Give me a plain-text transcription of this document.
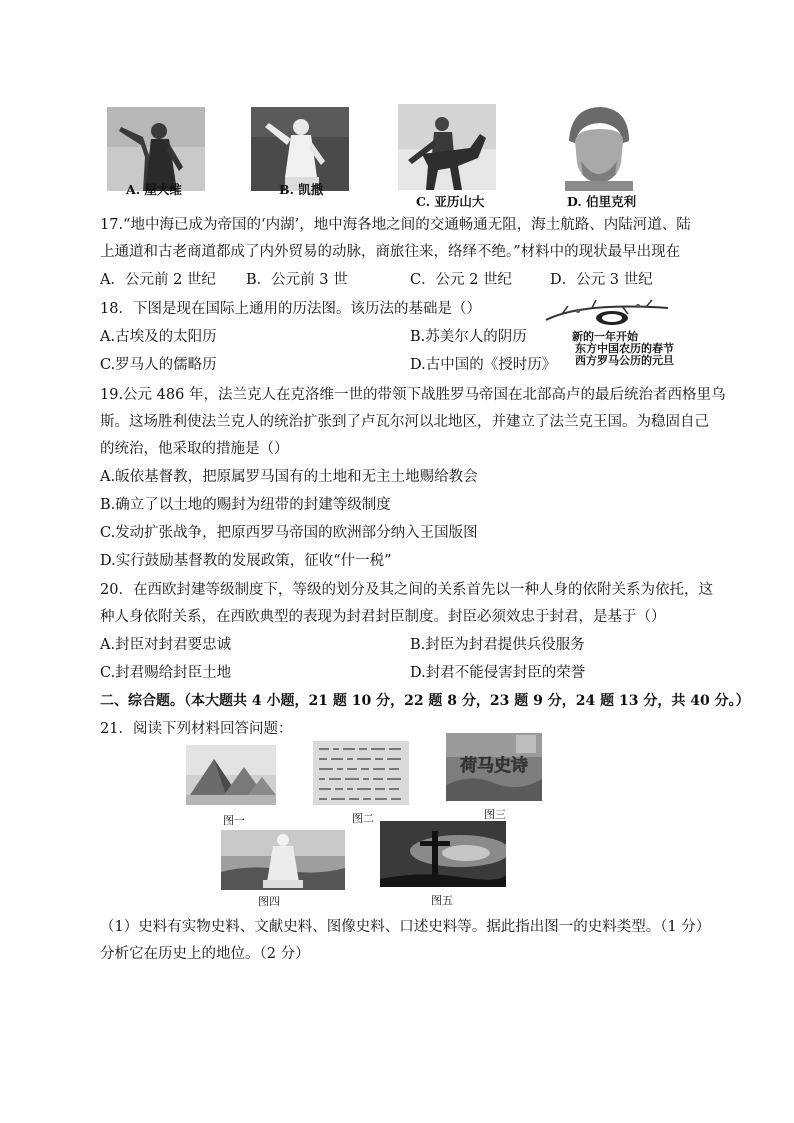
A. 屋大维	B. 凯撒
C. 亚历山大	D. 伯里克利
17.“地中海已成为帝国的‘内湖’，地中海各地之间的交通畅通无阻，海土航路、内陆河道、陆
上通道和古老商道都成了内外贸易的动脉，商旅往来，络绎不绝。”材料中的现状最早出现在
A．公元前 2 世纪 B．公元前 3 世	C．公元 2 世纪	D．公元 3 世纪
18．下图是现在国际上通用的历法图。该历法的基础是（）
A.古埃及的太阳历	B.苏美尔人的阴历
C.罗马人的儒略历	D.古中国的《授时历》
新的一年开始
东方中国农历的春节
西方罗马公历的元旦
19.公元 486 年，法兰克人在克洛维一世的带领下战胜罗马帝国在北部高卢的最后统治者西格里乌
斯。这场胜利使法兰克人的统治扩张到了卢瓦尔河以北地区，并建立了法兰克王国。为稳固自己
的统治，他采取的措施是（）
A.皈依基督教，把原属罗马国有的土地和无主土地赐给教会
B.确立了以土地的赐封为纽带的封建等级制度
C.发动扩张战争，把原西罗马帝国的欧洲部分纳入王国版图
D.实行鼓励基督教的发展政策，征收“什一税”
20．在西欧封建等级制度下，等级的划分及其之间的关系首先以一种人身的依附关系为依托，这
种人身依附关系，在西欧典型的表现为封君封臣制度。封臣必须效忠于封君，是基于（）
A.封臣对封君要忠诚	B.封臣为封君提供兵役服务
C.封君赐给封臣土地	D.封君不能侵害封臣的荣誉
二、综合题。（本大题共 4 小题，21 题 10 分，22 题 8 分，23 题 9 分，24 题 13 分，共 40 分。）
21．阅读下列材料回答问题：
图一	图二
荷马史诗
图三
图四	图五
（1）史料有实物史料、文献史料、图像史料、口述史料等。据此指出图一的史料类型。（1 分）
分析它在历史上的地位。（2 分）
